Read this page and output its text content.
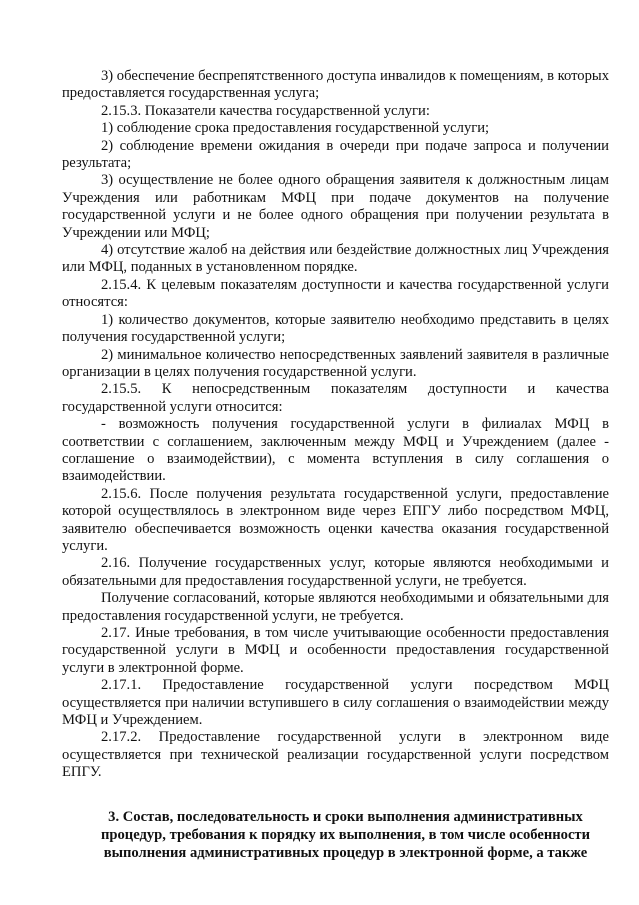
3) обеспечение беспрепятственного доступа инвалидов к помещениям, в которых предоставляется государственная услуга;

2.15.3. Показатели качества государственной услуги:

1) соблюдение срока предоставления государственной услуги;

2) соблюдение времени ожидания в очереди при подаче запроса и получении результата;

3) осуществление не более одного обращения заявителя к должностным лицам Учреждения или работникам МФЦ при подаче документов на получение государственной услуги и не более одного обращения при получении результата в Учреждении или МФЦ;

4) отсутствие жалоб на действия или бездействие должностных лиц Учреждения или МФЦ, поданных в установленном порядке.

2.15.4. К целевым показателям доступности и качества государственной услуги относятся:

1) количество документов, которые заявителю необходимо представить в целях получения государственной услуги;

2) минимальное количество непосредственных заявлений заявителя в различные организации в целях получения государственной услуги.

2.15.5. К непосредственным показателям доступности и качества государственной услуги относится:

- возможность получения государственной услуги в филиалах МФЦ в соответствии с соглашением, заключенным между МФЦ и Учреждением (далее - соглашение о взаимодействии), с момента вступления в силу соглашения о взаимодействии.

2.15.6. После получения результата государственной услуги, предоставление которой осуществлялось в электронном виде через ЕПГУ либо посредством МФЦ, заявителю обеспечивается возможность оценки качества оказания государственной услуги.

2.16. Получение государственных услуг, которые являются необходимыми и обязательными для предоставления государственной услуги, не требуется.

Получение согласований, которые являются необходимыми и обязательными для предоставления государственной услуги, не требуется.

2.17. Иные требования, в том числе учитывающие особенности предоставления государственной услуги в МФЦ и особенности предоставления государственной услуги в электронной форме.

2.17.1. Предоставление государственной услуги посредством МФЦ осуществляется при наличии вступившего в силу соглашения о взаимодействии между МФЦ и Учреждением.

2.17.2. Предоставление государственной услуги в электронном виде осуществляется при технической реализации государственной услуги посредством ЕПГУ.

3. Состав, последовательность и сроки выполнения административных
процедур, требования к порядку их выполнения, в том числе особенности
выполнения административных процедур в электронной форме, а также
